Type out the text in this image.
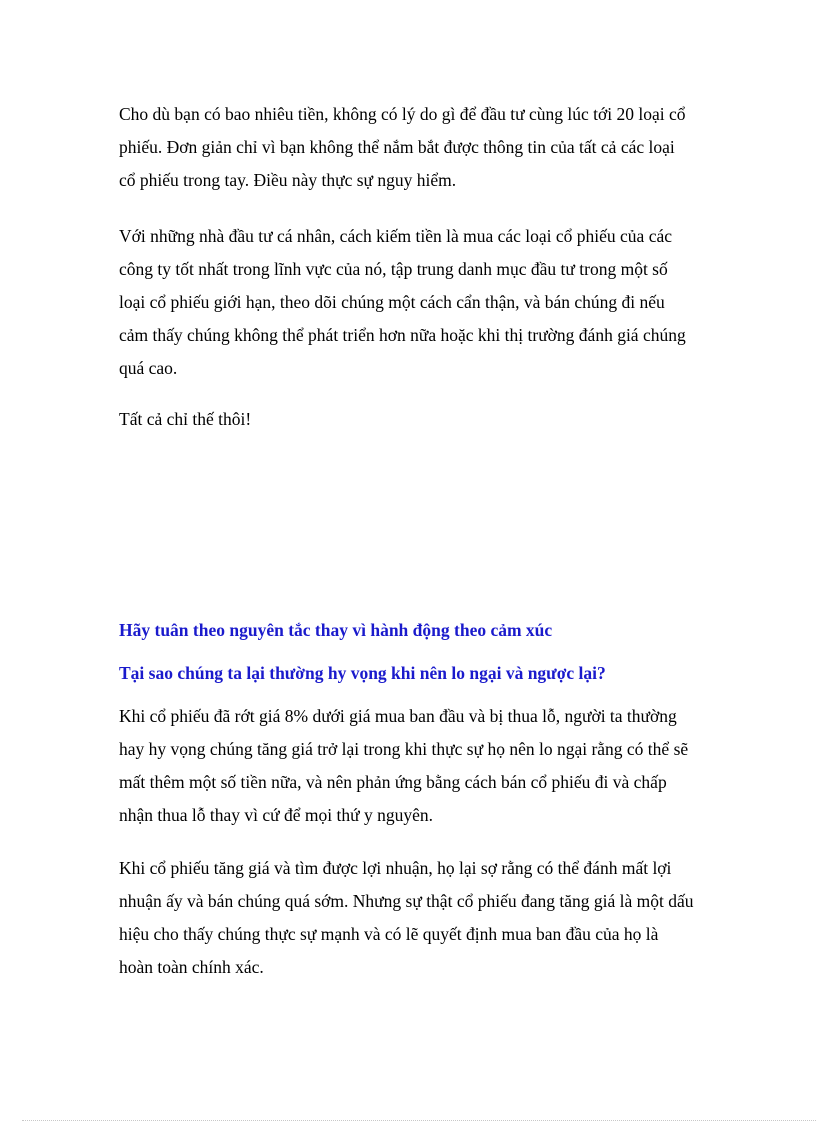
Cho dù bạn có bao nhiêu tiền, không có lý do gì để đầu tư cùng lúc tới 20 loại cổ phiếu. Đơn giản chỉ vì bạn không thể nắm bắt được thông tin của tất cả các loại cổ phiếu trong tay. Điều này thực sự nguy hiểm.

Với những nhà đầu tư cá nhân, cách kiếm tiền là mua các loại cổ phiếu của các công ty tốt nhất trong lĩnh vực của nó, tập trung danh mục đầu tư trong một số loại cổ phiếu giới hạn, theo dõi chúng một cách cẩn thận, và bán chúng đi nếu cảm thấy chúng không thể phát triển hơn nữa hoặc khi thị trường đánh giá chúng quá cao.

Tất cả chỉ thế thôi!

Hãy tuân theo nguyên tắc thay vì hành động theo cảm xúc
Tại sao chúng ta lại thường hy vọng khi nên lo ngại và ngược lại?

Khi cổ phiếu đã rớt giá 8% dưới giá mua ban đầu và bị thua lỗ, người ta thường hay hy vọng chúng tăng giá trở lại trong khi thực sự họ nên lo ngại rằng có thể sẽ mất thêm một số tiền nữa, và nên phản ứng bằng cách bán cổ phiếu đi và chấp nhận thua lỗ thay vì cứ để mọi thứ y nguyên.

Khi cổ phiếu tăng giá và tìm được lợi nhuận, họ lại sợ rằng có thể đánh mất lợi nhuận ấy và bán chúng quá sớm. Nhưng sự thật cổ phiếu đang tăng giá là một dấu hiệu cho thấy chúng thực sự mạnh và có lẽ quyết định mua ban đầu của họ là hoàn toàn chính xác.
